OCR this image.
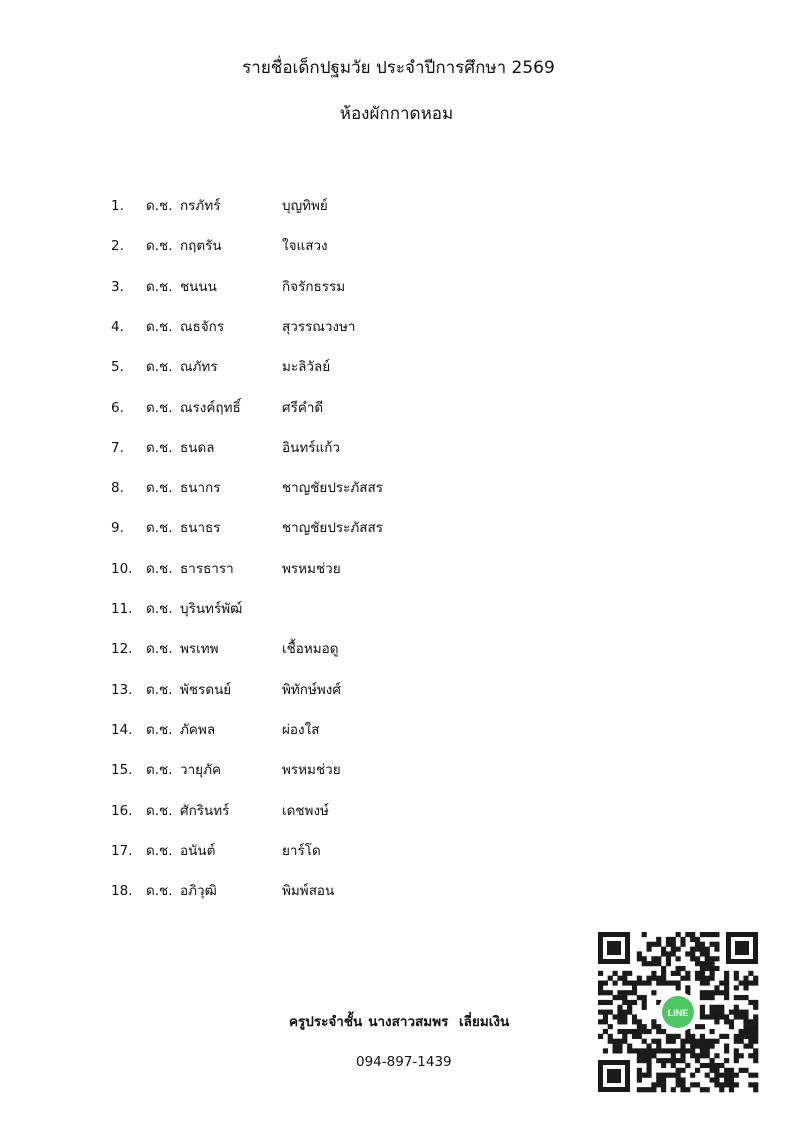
รายชื่อเด็กปฐมวัย ประจำปีการศึกษา 2569
ห้องผักกาดหอม
1. ด.ช. กรภัทร์	บุญทิพย์
2. ด.ช. กฤตรัน	ใจแสวง
3. ด.ช. ชนนน	กิจรักธรรม
4. ด.ช. ณธจักร	สุวรรณวงษา
5. ด.ช. ณภัทร	มะลิวัลย์
6. ด.ช. ณรงค์ฤทธิ์	ศรีคำดี
7. ด.ช. ธนดล	อินทร์แก้ว
8. ด.ช. ธนากร	ชาญชัยประภัสสร
9. ด.ช. ธนาธร	ชาญชัยประภัสสร
10. ด.ช. ธารธารา	พรหมช่วย
11. ด.ช. บุรินทร์พัฒ์
12. ด.ช. พรเทพ	เชื้อหมอดู
13. ด.ช. พัชรดนย์	พิทักษ์พงศ์
14. ด.ช. ภัคพล	ผ่องใส
15. ด.ช. วายุภัค	พรหมช่วย
16. ด.ช. ศักรินทร์	เดชพงษ์
17. ด.ช. อนันต์	ยาร์โด
18. ด.ช. อภิวุฒิ	พิมพ์สอน
ครูประจำชั้น นางสาวสมพร เลี่ยมเงิน
094-897-1439
LINE
